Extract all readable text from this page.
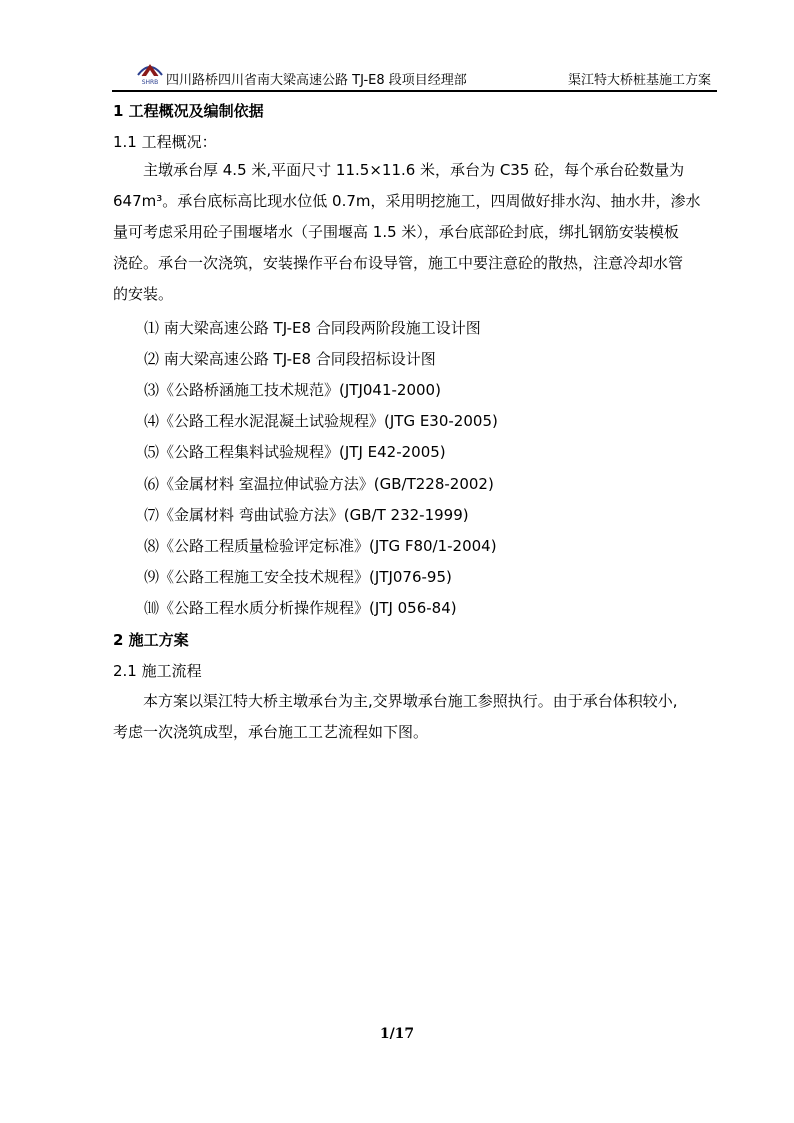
SHRB 四川路桥四川省南大梁高速公路 TJ-E8 段项目经理部	渠江特大桥桩基施工方案
1 工程概况及编制依据
1.1 工程概况：

主墩承台厚 4.5 米,平面尺寸 11.5×11.6 米，承台为 C35 砼，每个承台砼数量为
647m³。承台底标高比现水位低 0.7m，采用明挖施工，四周做好排水沟、抽水井，渗水
量可考虑采用砼子围堰堵水（子围堰高 1.5 米），承台底部砼封底，绑扎钢筋安装模板
浇砼。承台一次浇筑，安装操作平台布设导管，施工中要注意砼的散热，注意冷却水管
的安装。

⑴ 南大梁高速公路 TJ-E8 合同段两阶段施工设计图
⑵ 南大梁高速公路 TJ-E8 合同段招标设计图
⑶《公路桥涵施工技术规范》(JTJ041-2000)
⑷《公路工程水泥混凝土试验规程》(JTG E30-2005)
⑸《公路工程集料试验规程》(JTJ E42-2005)
⑹《金属材料 室温拉伸试验方法》(GB/T228-2002)
⑺《金属材料 弯曲试验方法》(GB/T 232-1999)
⑻《公路工程质量检验评定标准》(JTG F80/1-2004)
⑼《公路工程施工安全技术规程》(JTJ076-95)
⑽《公路工程水质分析操作规程》(JTJ 056-84)
2 施工方案
2.1 施工流程

本方案以渠江特大桥主墩承台为主,交界墩承台施工参照执行。由于承台体积较小,
考虑一次浇筑成型，承台施工工艺流程如下图。

1/17
